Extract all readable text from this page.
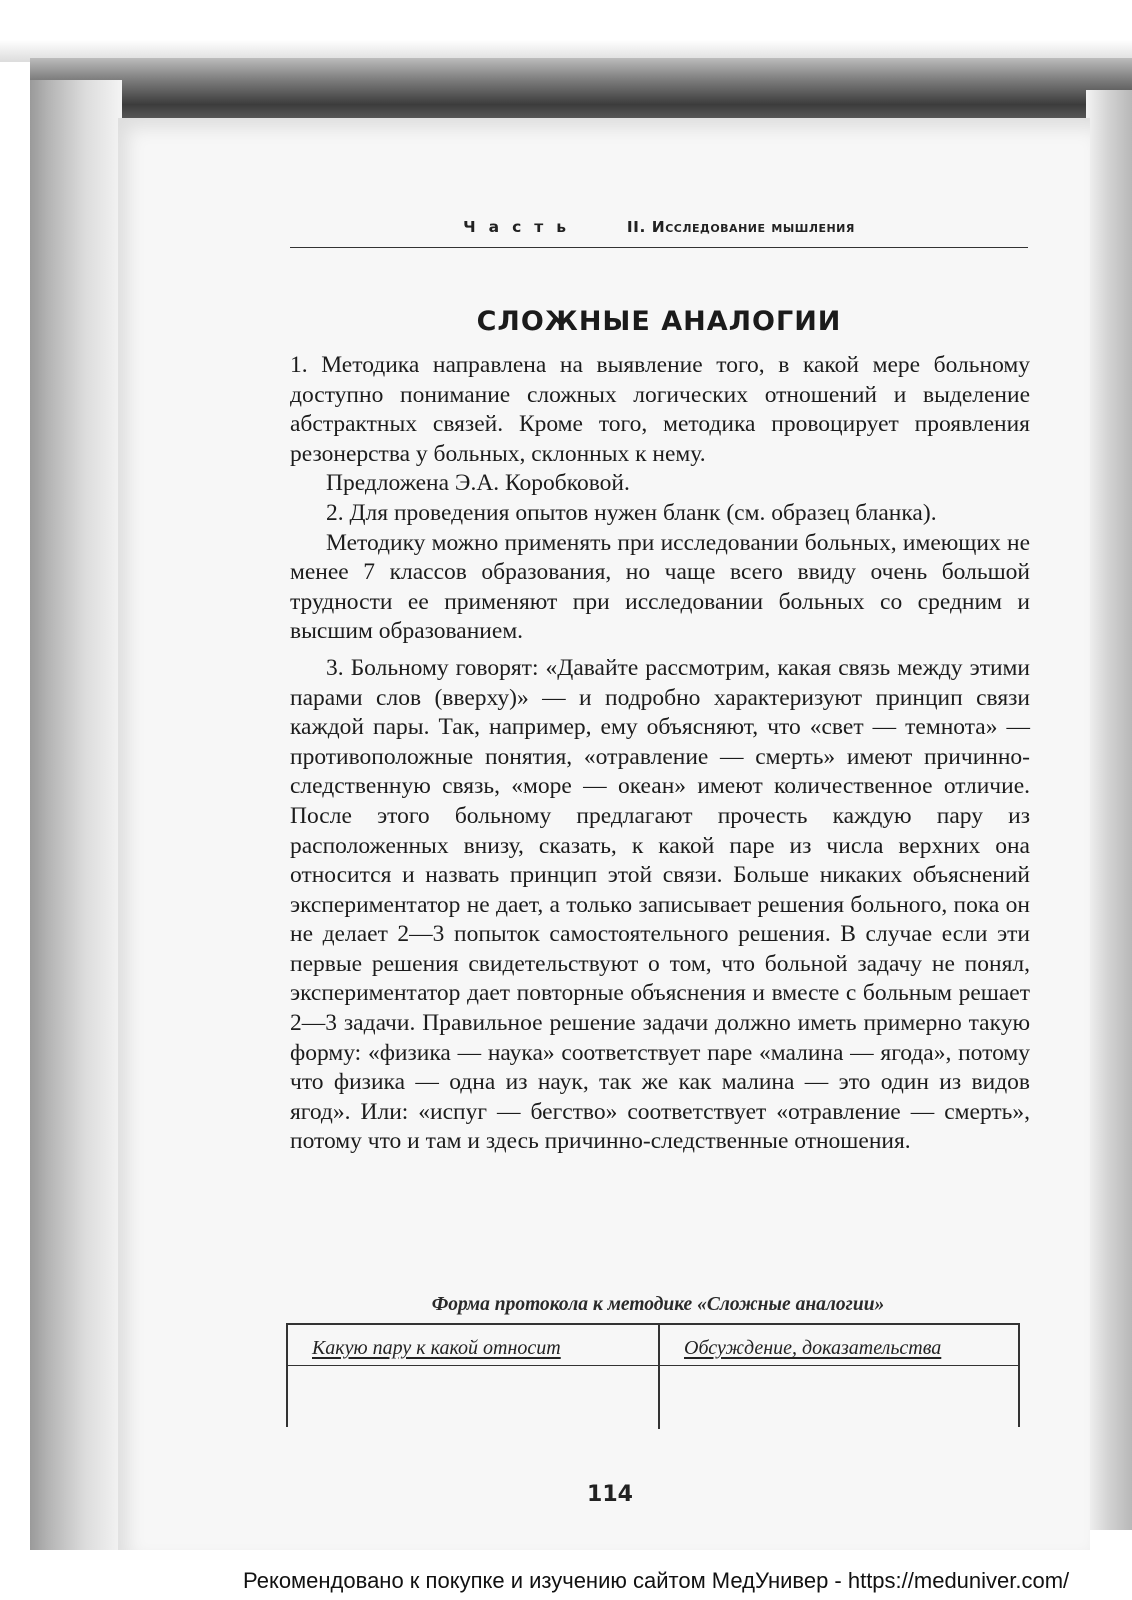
Часть	II. Исследование мышления
СЛОЖНЫЕ АНАЛОГИИ

1. Методика направлена на выявление того, в какой мере больному доступно понимание сложных логических отношений и выделение абстрактных связей. Кроме того, методика провоцирует проявления резонерства у больных, склонных к нему.

Предложена Э.А. Коробковой.

2. Для проведения опытов нужен бланк (см. образец бланка).

Методику можно применять при исследовании больных, имеющих не менее 7 классов образования, но чаще всего ввиду очень большой трудности ее применяют при исследовании больных со средним и высшим образованием.

3. Больному говорят: «Давайте рассмотрим, какая связь между этими парами слов (вверху)» — и подробно характеризуют принцип связи каждой пары. Так, например, ему объясняют, что «свет — темнота» — противоположные понятия, «отравление — смерть» имеют причинно-следственную связь, «море — океан» имеют количественное отличие. После этого больному предлагают прочесть каждую пару из расположенных внизу, сказать, к какой паре из числа верхних она относится и назвать принцип этой связи. Больше никаких объяснений экспериментатор не дает, а только записывает решения больного, пока он не делает 2—3 попыток самостоятельного решения. В случае если эти первые решения свидетельствуют о том, что больной задачу не понял, экспериментатор дает повторные объяснения и вместе с больным решает 2—3 задачи. Правильное решение задачи должно иметь примерно такую форму: «физика — наука» соответствует паре «малина — ягода», потому что физика — одна из наук, так же как малина — это один из видов ягод». Или: «испуг — бегство» соответствует «отравление — смерть», потому что и там и здесь причинно-следственные отношения.

Форма протокола к методике «Сложные аналогии»
Какую пару к какой относит	Обсуждение, доказательства
114
Рекомендовано к покупке и изучению сайтом МедУнивер - https://meduniver.com/
